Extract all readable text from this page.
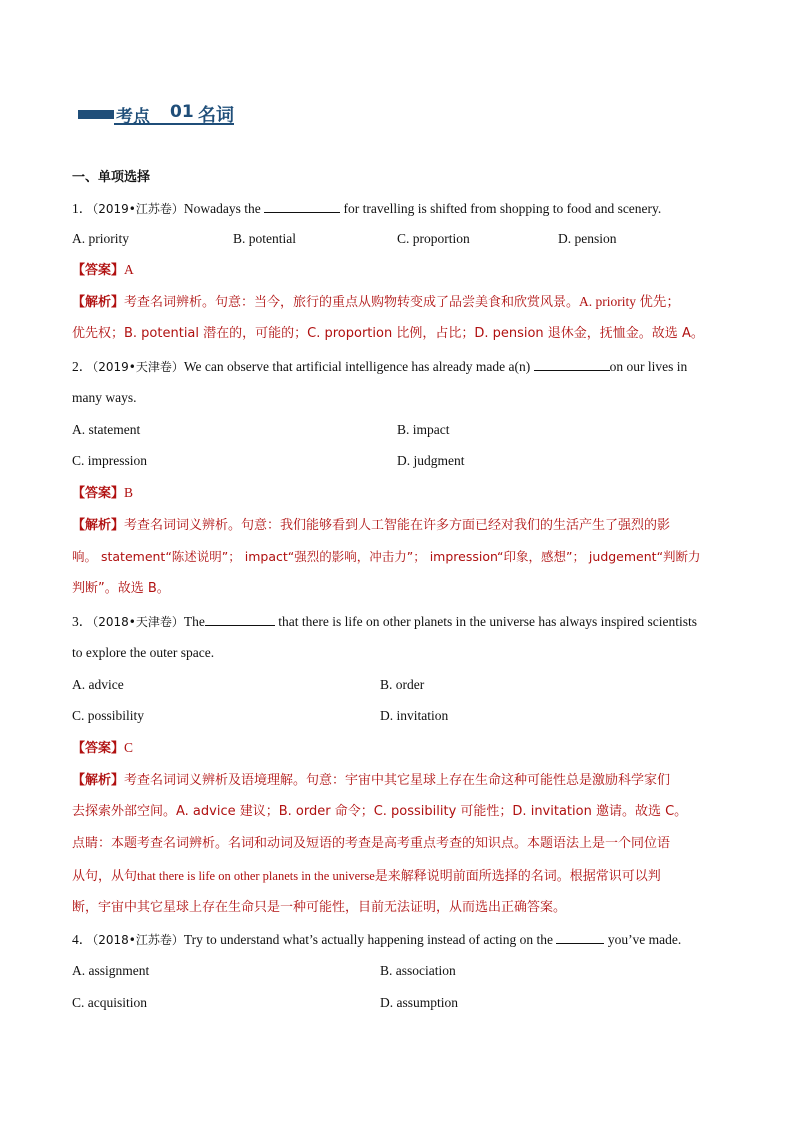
考点 01 名词
一、单项选择
1．（2019•江苏卷）Nowadays the	for travelling is shifted from shopping to food and scenery.
A. priority	B. potential	C. proportion	D. pension
【答案】A
【解析】考查名词辨析。句意：当今，旅行的重点从购物转变成了品尝美食和欣赏风景。A. priority 优先；
优先权；B. potential 潜在的，可能的；C. proportion 比例，占比；D. pension 退休金，抚恤金。故选 A。
2．（2019•天津卷）We can observe that artificial intelligence has already made a(n)	on our lives in
many ways.
A. statement	B. impact
C. impression	D. judgment
【答案】B
【解析】考查名词词义辨析。句意：我们能够看到人工智能在许多方面已经对我们的生活产生了强烈的影
响。 statement“陈述说明”； impact“强烈的影响，冲击力”； impression“印象，感想”； judgement“判断力
判断”。故选 B。
3．（2018•天津卷）The	that there is life on other planets in the universe has always inspired scientists
to explore the outer space.
A. advice	B. order
C. possibility	D. invitation
【答案】C
【解析】考查名词词义辨析及语境理解。句意：宇宙中其它星球上存在生命这种可能性总是激励科学家们
去探索外部空间。A. advice 建议；B. order 命令；C. possibility 可能性；D. invitation 邀请。故选 C。
点睛：本题考查名词辨析。名词和动词及短语的考查是高考重点考查的知识点。本题语法上是一个同位语
从句，从句that there is life on other planets in the universe是来解释说明前面所选择的名词。根据常识可以判
断，宇宙中其它星球上存在生命只是一种可能性，目前无法证明，从而选出正确答案。
4．（2018•江苏卷）Try to understand what’s actually happening instead of acting on the	you’ve made.
A. assignment	B. association
C. acquisition	D. assumption
